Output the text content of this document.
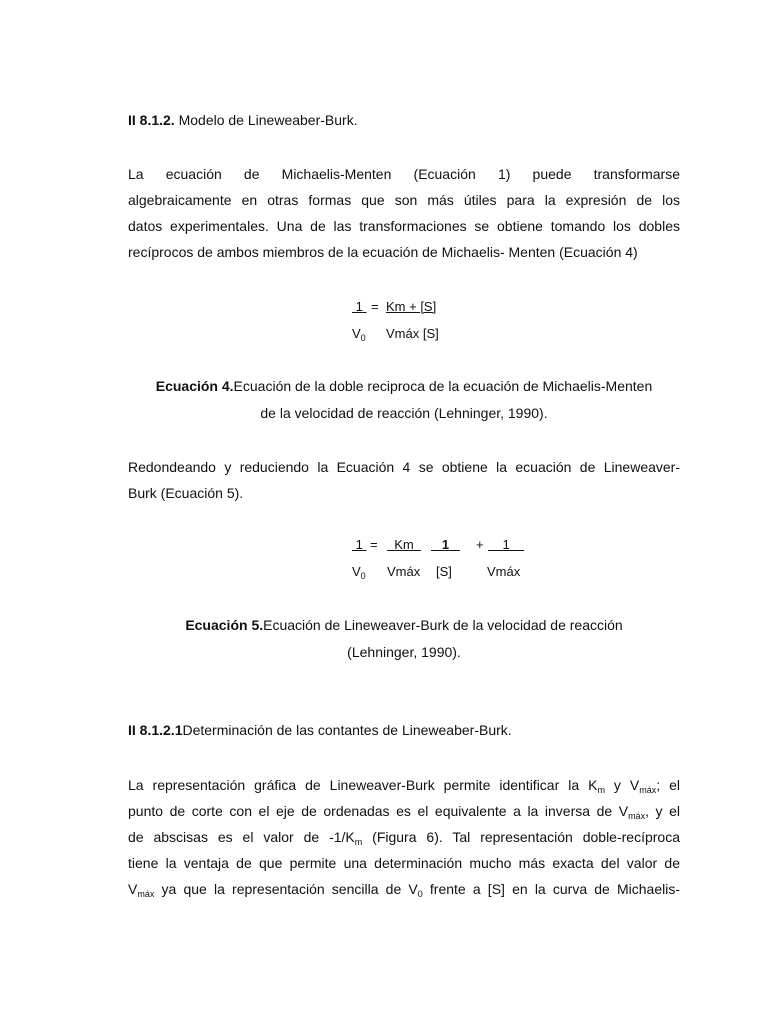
II 8.1.2. Modelo de Lineweaber-Burk.
La ecuación de Michaelis-Menten (Ecuación 1) puede transformarse
algebraicamente en otras formas que son más útiles para la expresión de los
datos experimentales. Una de las transformaciones se obtiene tomando los dobles
recíprocos de ambos miembros de la ecuación de Michaelis- Menten (Ecuación 4)
1 = Km + [S]
$V_0$ Vmáx [S]
Ecuación 4.Ecuación de la doble reciproca de la ecuación de Michaelis-Menten
de la velocidad de reacción (Lehninger, 1990).
Redondeando y reduciendo la Ecuación 4 se obtiene la ecuación de Lineweaver-
Burk (Ecuación 5).
1 =	Km	1	+	1
$V_0$ Vmáx [S]	Vmáx
Ecuación 5.Ecuación de Lineweaver-Burk de la velocidad de reacción
(Lehninger, 1990).
II 8.1.2.1Determinación de las contantes de Lineweaber-Burk.
La representación gráfica de Lineweaver-Burk permite identificar la $K_m$ y $V_{máx}$; el
punto de corte con el eje de ordenadas es el equivalente a la inversa de $V_{máx}$, y el
de abscisas es el valor de $-1/K_m$ (Figura 6). Tal representación doble-recíproca
tiene la ventaja de que permite una determinación mucho más exacta del valor de
$V_{máx}$ ya que la representación sencilla de $V_0$ frente a [S] en la curva de Michaelis-
